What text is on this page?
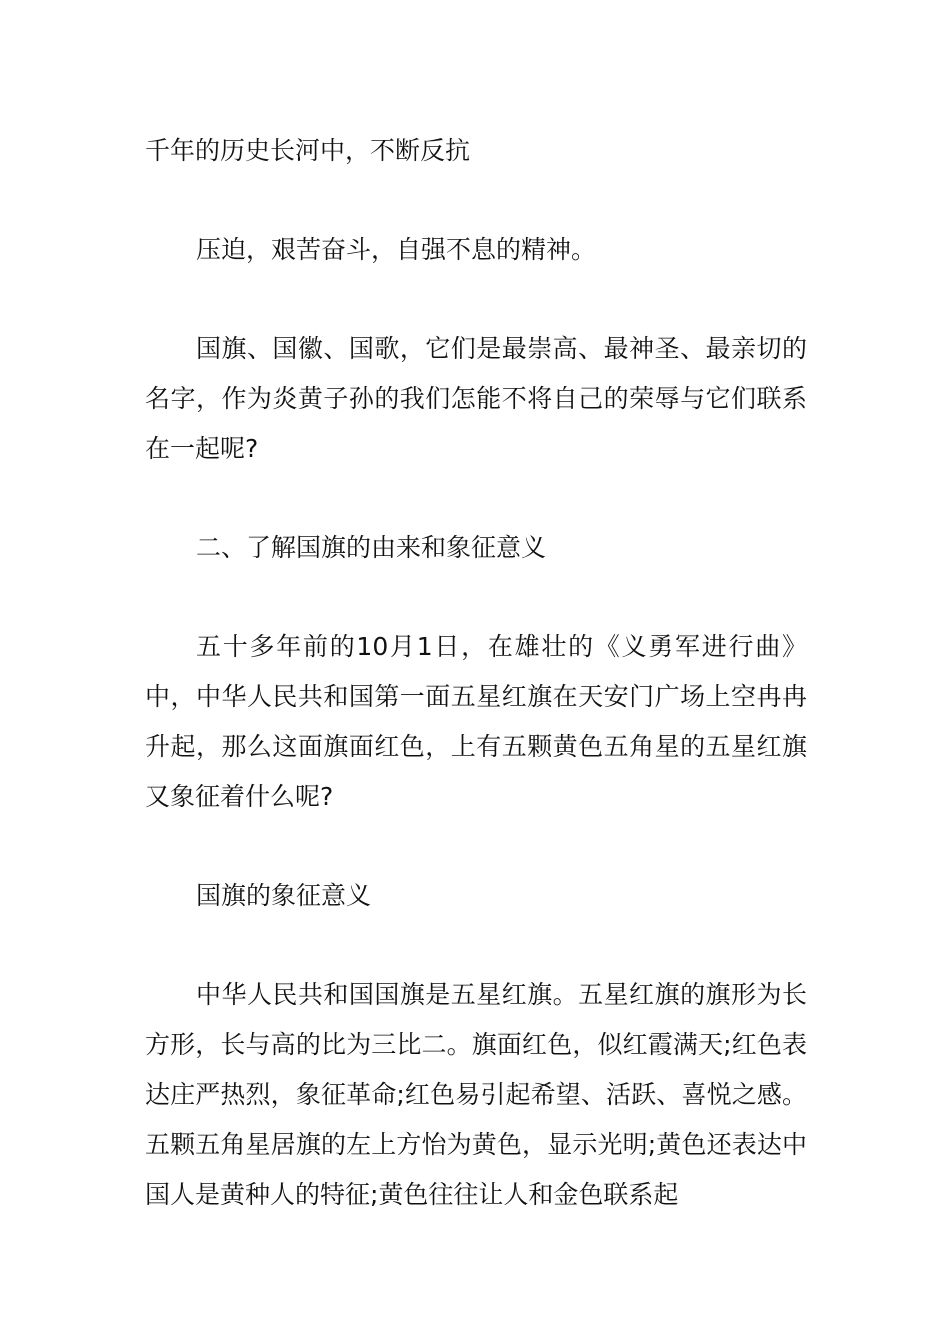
千年的历史长河中，不断反抗

压迫，艰苦奋斗，自强不息的精神。

国旗、国徽、国歌，它们是最崇高、最神圣、最亲切的名字，作为炎黄子孙的我们怎能不将自己的荣辱与它们联系在一起呢?

二、了解国旗的由来和象征意义

五十多年前的10月1日，在雄壮的《义勇军进行曲》中，中华人民共和国第一面五星红旗在天安门广场上空冉冉升起，那么这面旗面红色，上有五颗黄色五角星的五星红旗又象征着什么呢?

国旗的象征意义

中华人民共和国国旗是五星红旗。五星红旗的旗形为长方形，长与高的比为三比二。旗面红色，似红霞满天;红色表达庄严热烈，象征革命;红色易引起希望、活跃、喜悦之感。五颗五角星居旗的左上方怡为黄色，显示光明;黄色还表达中国人是黄种人的特征;黄色往往让人和金色联系起
